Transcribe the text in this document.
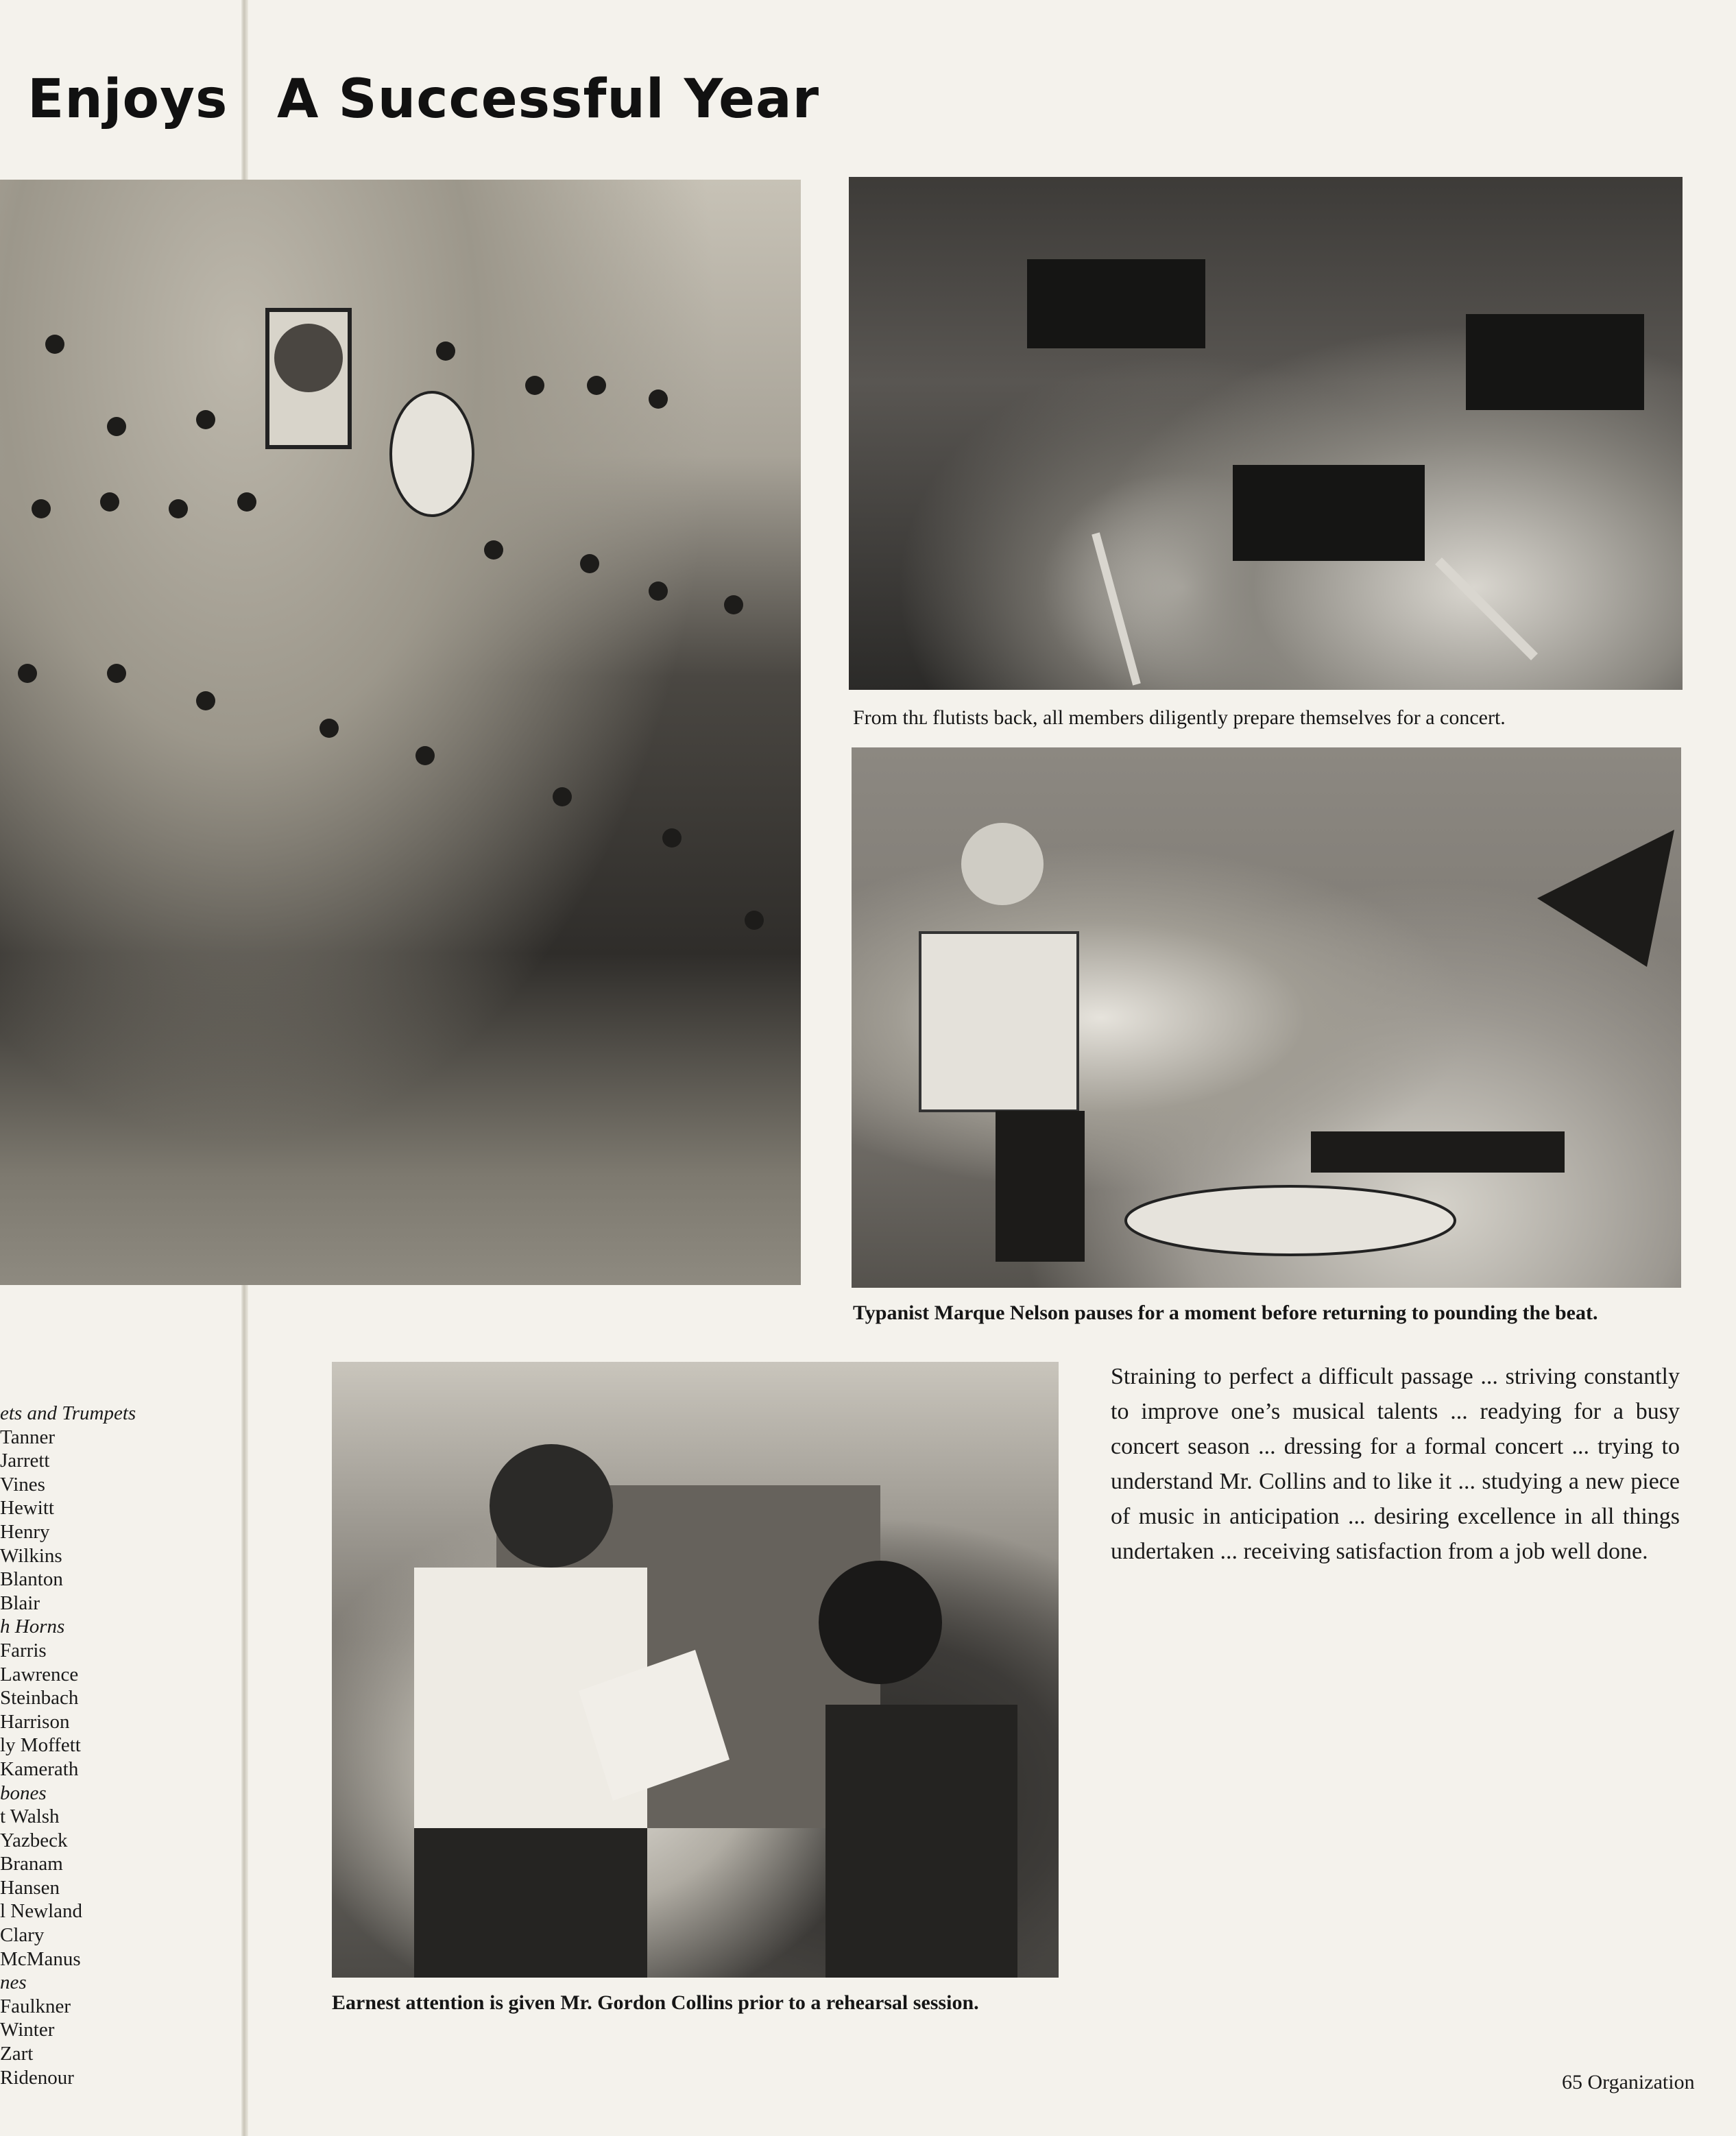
Enjoys A Successful Year
From thʟ flutists back, all members diligently prepare themselves for a concert.
Typanist Marque Nelson pauses for a moment before returning to pounding the beat.
Earnest attention is given Mr. Gordon Collins prior to a rehearsal session.
Straining to perfect a difficult passage ... striving constantly to improve one’s musical talents ... readying for a busy concert season ... dressing for a formal concert ... trying to understand Mr. Collins and to like it ... studying a new piece of music in anticipation ... desiring excellence in all things undertaken ... receiving satisfaction from a job well done.
ets and Trumpets
Tanner
Jarrett
Vines
Hewitt
Henry
Wilkins
Blanton
Blair
h Horns
Farris
Lawrence
Steinbach
Harrison
ly Moffett
Kamerath
bones
t Walsh
Yazbeck
Branam
Hansen
l Newland
Clary
McManus
nes
Faulkner
Winter
Zart
Ridenour	65 Organization
